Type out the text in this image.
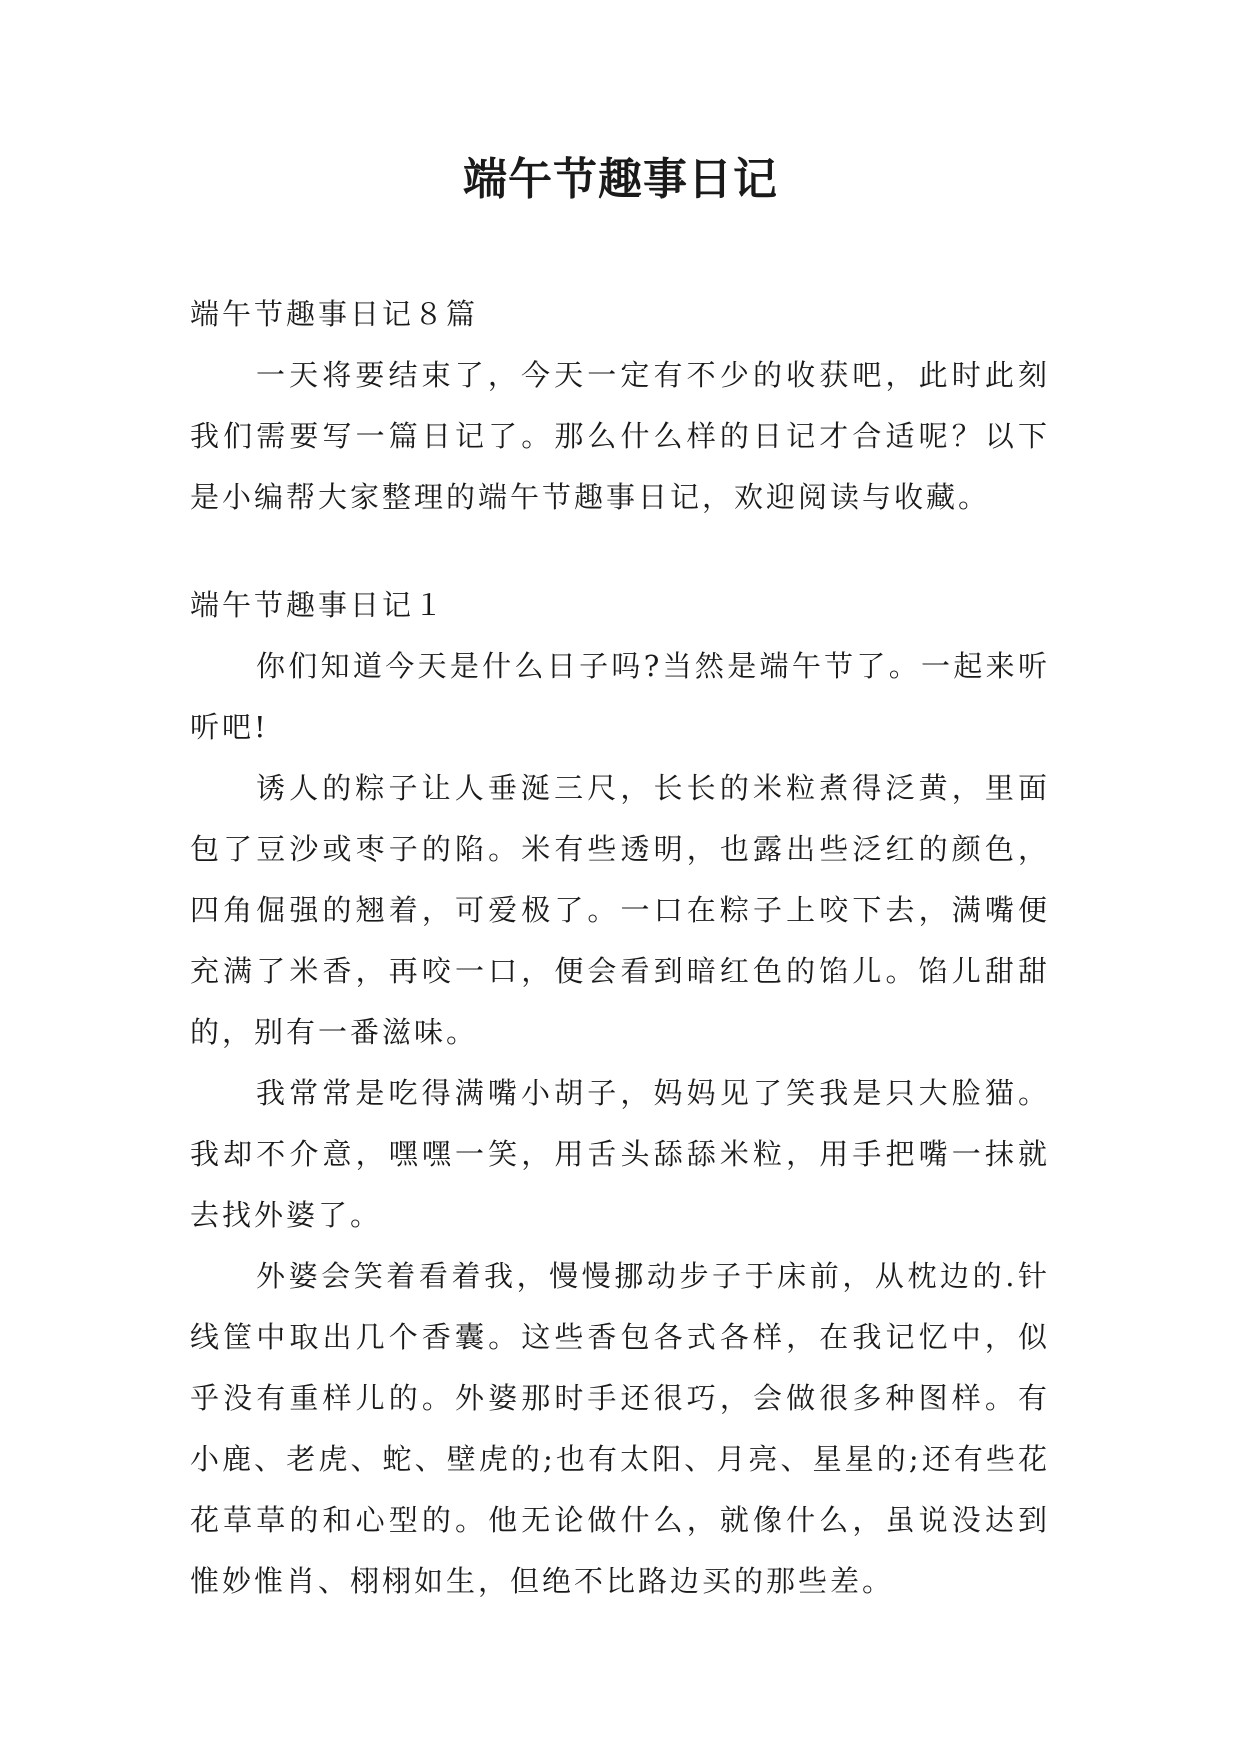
端午节趣事日记

端午节趣事日记８篇

一天将要结束了，今天一定有不少的收获吧，此时此刻我们需要写一篇日记了。那么什么样的日记才合适呢？以下是小编帮大家整理的端午节趣事日记，欢迎阅读与收藏。

端午节趣事日记１

你们知道今天是什么日子吗?当然是端午节了。一起来听听吧!

诱人的粽子让人垂涎三尺，长长的米粒煮得泛黄，里面包了豆沙或枣子的陷。米有些透明，也露出些泛红的颜色，四角倔强的翘着，可爱极了。一口在粽子上咬下去，满嘴便充满了米香，再咬一口，便会看到暗红色的馅儿。馅儿甜甜的，别有一番滋味。

我常常是吃得满嘴小胡子，妈妈见了笑我是只大脸猫。我却不介意，嘿嘿一笑，用舌头舔舔米粒，用手把嘴一抹就去找外婆了。

外婆会笑着看着我，慢慢挪动步子于床前，从枕边的.针线筐中取出几个香囊。这些香包各式各样，在我记忆中，似乎没有重样儿的。外婆那时手还很巧，会做很多种图样。有小鹿、老虎、蛇、壁虎的;也有太阳、月亮、星星的;还有些花花草草的和心型的。他无论做什么，就像什么，虽说没达到惟妙惟肖、栩栩如生，但绝不比路边买的那些差。
